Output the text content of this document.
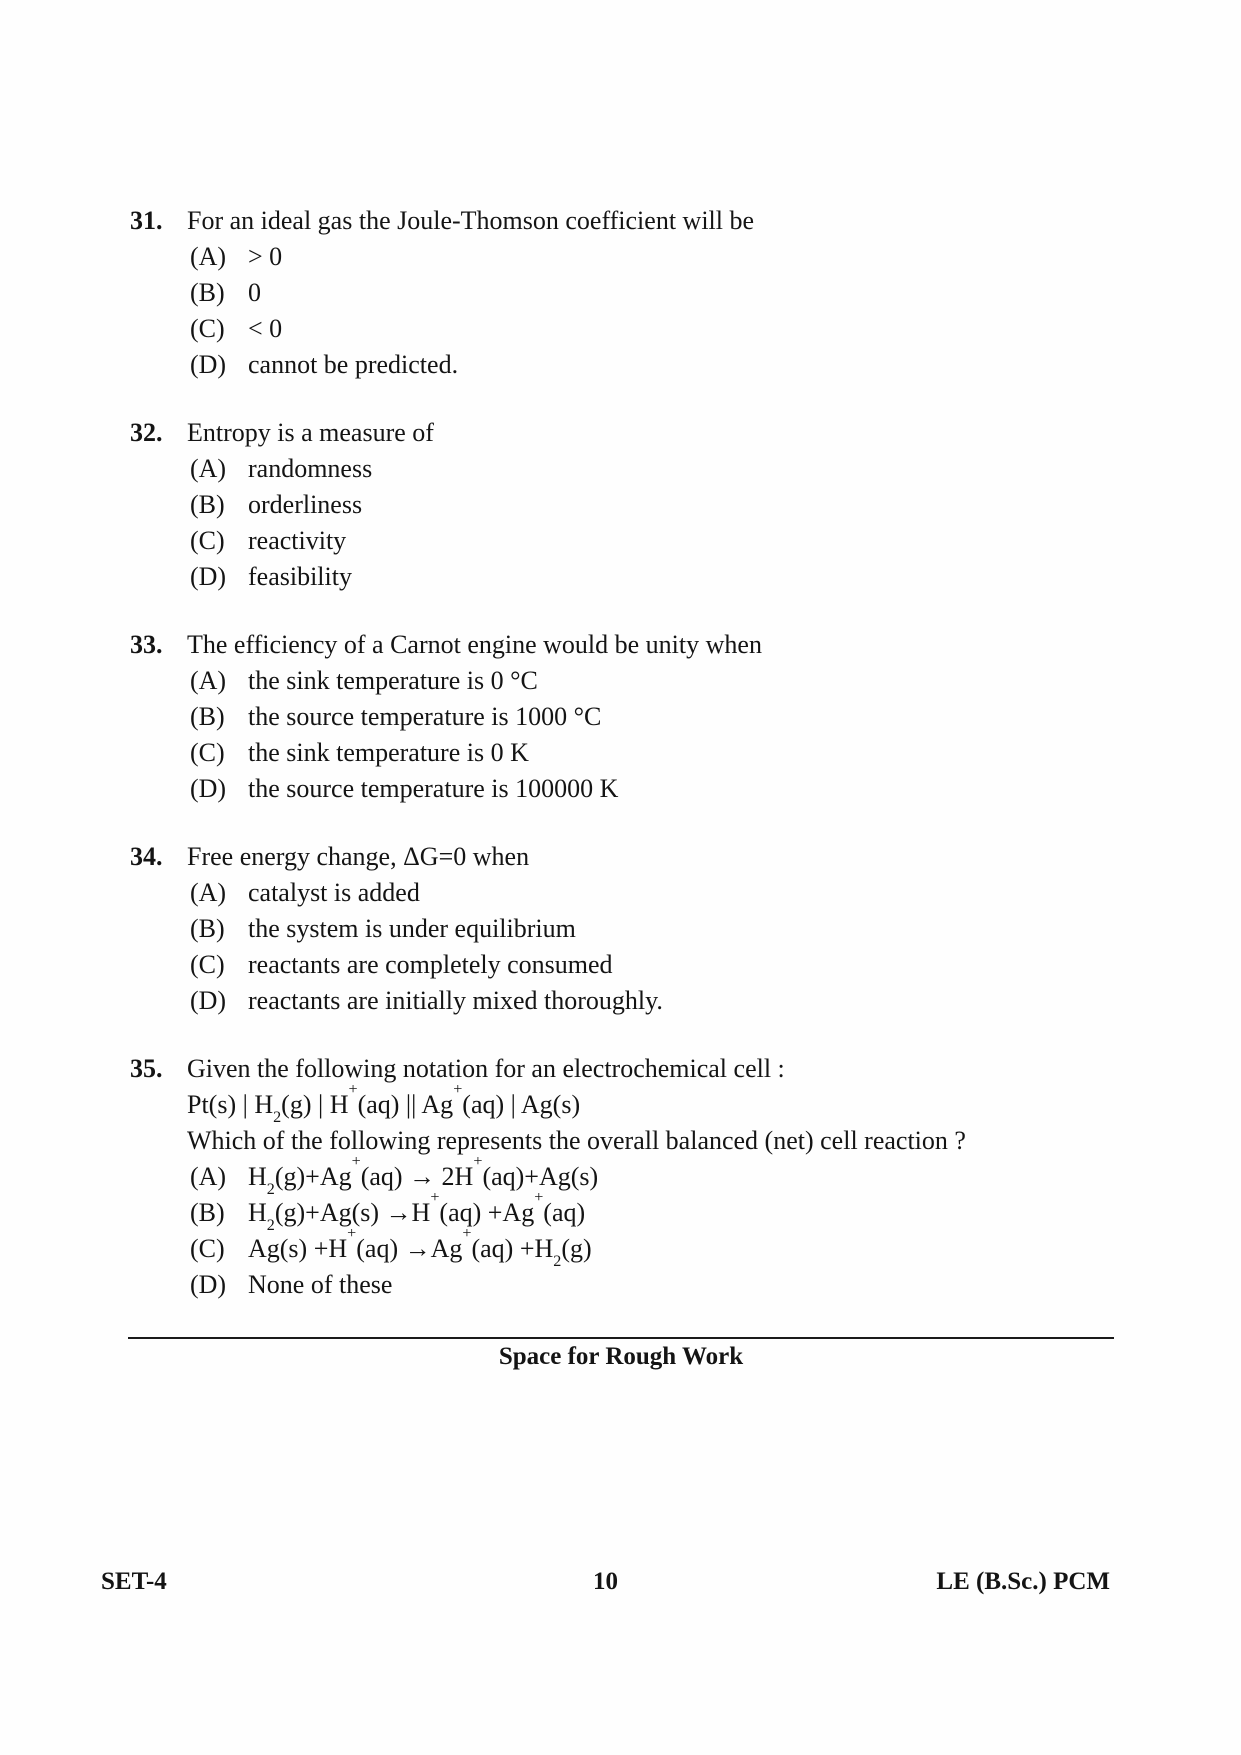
31. For an ideal gas the Joule-Thomson coefficient will be
(A) > 0
(B) 0
(C) < 0
(D) cannot be predicted.
32. Entropy is a measure of
(A) randomness
(B) orderliness
(C) reactivity
(D) feasibility
33. The efficiency of a Carnot engine would be unity when
(A) the sink temperature is 0 °C
(B) the source temperature is 1000 °C
(C) the sink temperature is 0 K
(D) the source temperature is 100000 K
34. Free energy change, ΔG=0 when
(A) catalyst is added
(B) the system is under equilibrium
(C) reactants are completely consumed
(D) reactants are initially mixed thoroughly.
35. Given the following notation for an electrochemical cell :
Pt(s) | $H_2(g)$ | H+(aq) || Ag+(aq) | Ag(s)
Which of the following represents the overall balanced (net) cell reaction ?
(A) $H_2(g)+Ag^+(aq) \to 2H^+(aq)+Ag(s)$
(B) $H_2(g)+Ag(s) \to H^+(aq) +Ag^+(aq)$
(C) $Ag(s) +H^+(aq) \to Ag^+(aq) +H_2(g)$
(D) None of these
Space for Rough Work
SET-4	10	LE (B.Sc.) PCM
